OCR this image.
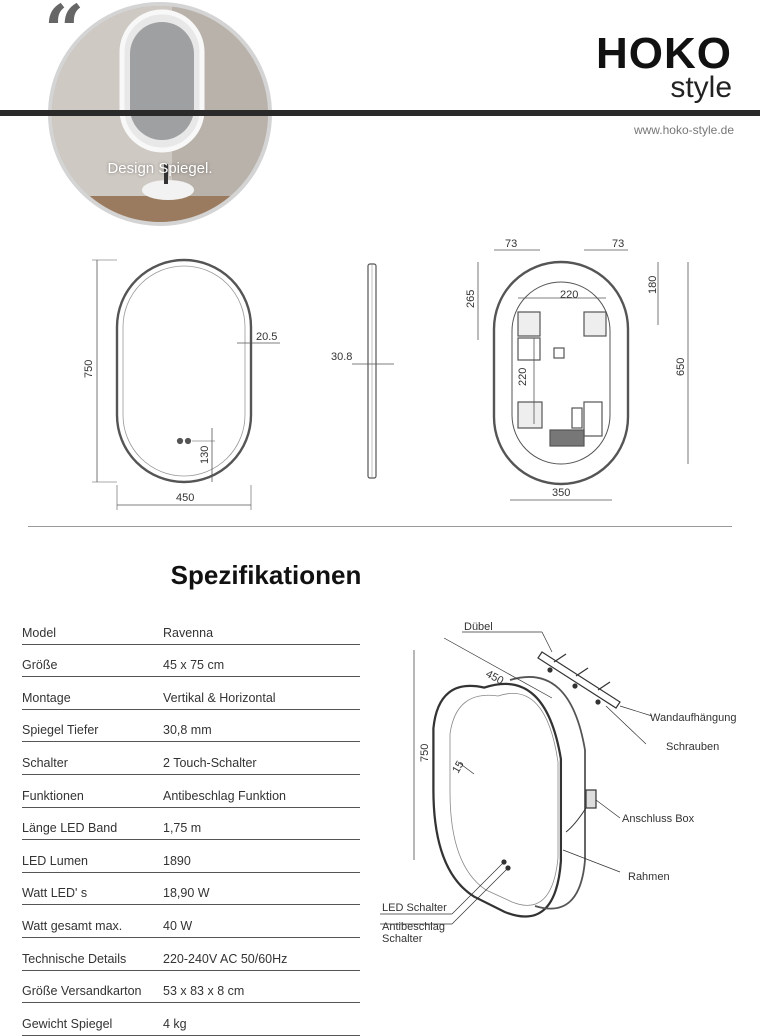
Design Spiegel.
“	HOKO
style
www.hoko-style.de
750
450
20.5
130
30.8
73	73
265	220
180
220
650
350
Spezifikationen
Model	Ravenna
Größe	45 x 75 cm
Montage	Vertikal & Horizontal
Spiegel Tiefer	30,8 mm
Schalter	2 Touch-Schalter
Funktionen	Antibeschlag Funktion
Länge LED Band	1,75 m
LED Lumen	1890
Watt LED' s	18,90 W
Watt gesamt max.	40 W
Technische Details	220-240V AC 50/60Hz
Größe Versandkarton	53 x 83 x 8 cm
Gewicht Spiegel	4 kg
450
750
15
Dübel
Wandaufhängung
Schrauben
Anschluss Box
Rahmen
LED Schalter
Antibeschlag
Schalter
